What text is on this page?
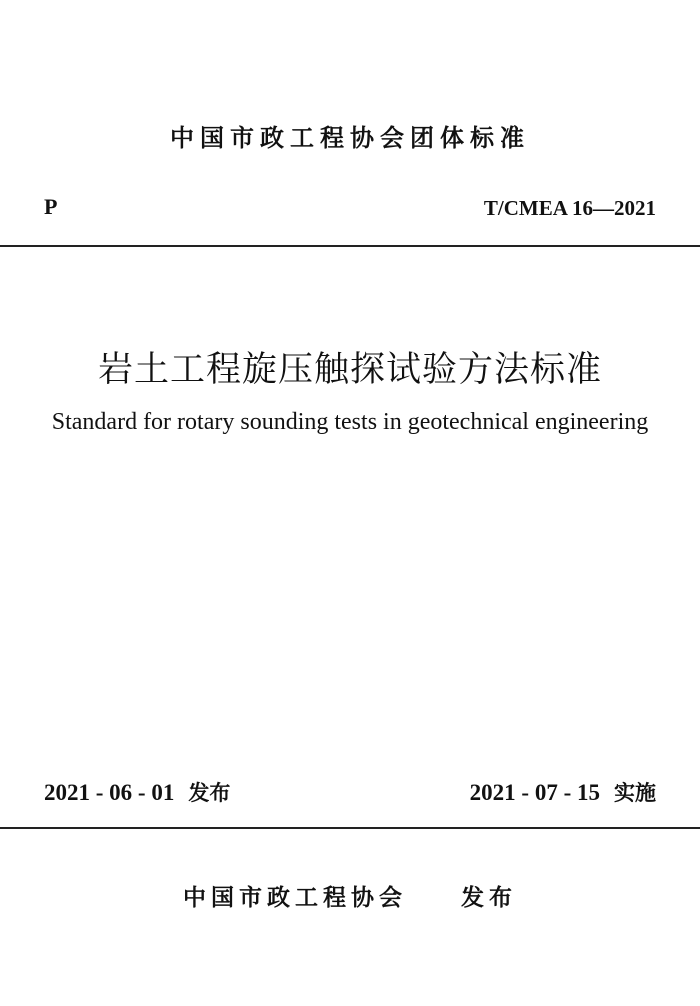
中国市政工程协会团体标准
P	T/CMEA 16—2021
岩土工程旋压触探试验方法标准
Standard for rotary sounding tests in geotechnical engineering
2021 - 06 - 01 发布	2021 - 07 - 15 实施
中国市政工程协会 发布
